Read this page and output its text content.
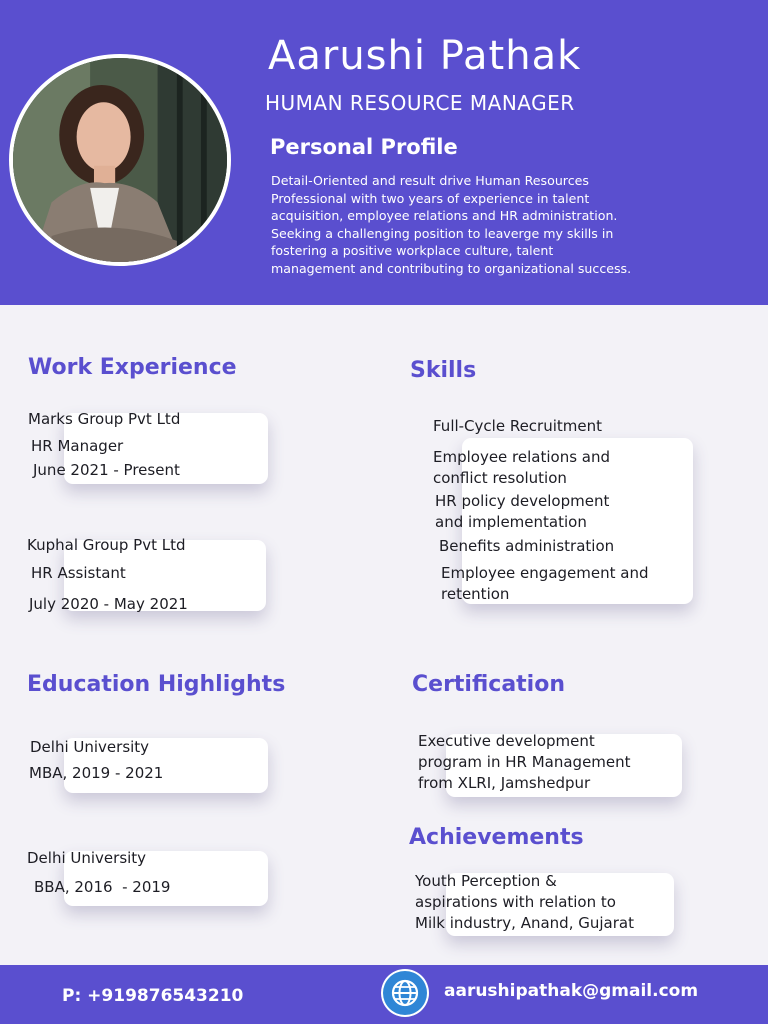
Aarushi Pathak
HUMAN RESOURCE MANAGER
Personal Profile
Detail-Oriented and result drive Human Resources
Professional with two years of experience in talent
acquisition, employee relations and HR administration.
Seeking a challenging position to leaverge my skills in
fostering a positive workplace culture, talent
management and contributing to organizational success.
Work Experience
Marks Group Pvt Ltd
HR Manager
June 2021 - Present
Kuphal Group Pvt Ltd
HR Assistant
July 2020 - May 2021
Skills
Full-Cycle Recruitment
Employee relations and
conflict resolution
HR policy development
and implementation
Benefits administration
Employee engagement and
retention
Education Highlights
Delhi University
MBA, 2019 - 2021
Delhi University
BBA, 2016  - 2019
Certification
Executive development
program in HR Management
from XLRI, Jamshedpur
Achievements
Youth Perception &
aspirations with relation to
Milk industry, Anand, Gujarat
P: +919876543210	aarushipathak@gmail.com
